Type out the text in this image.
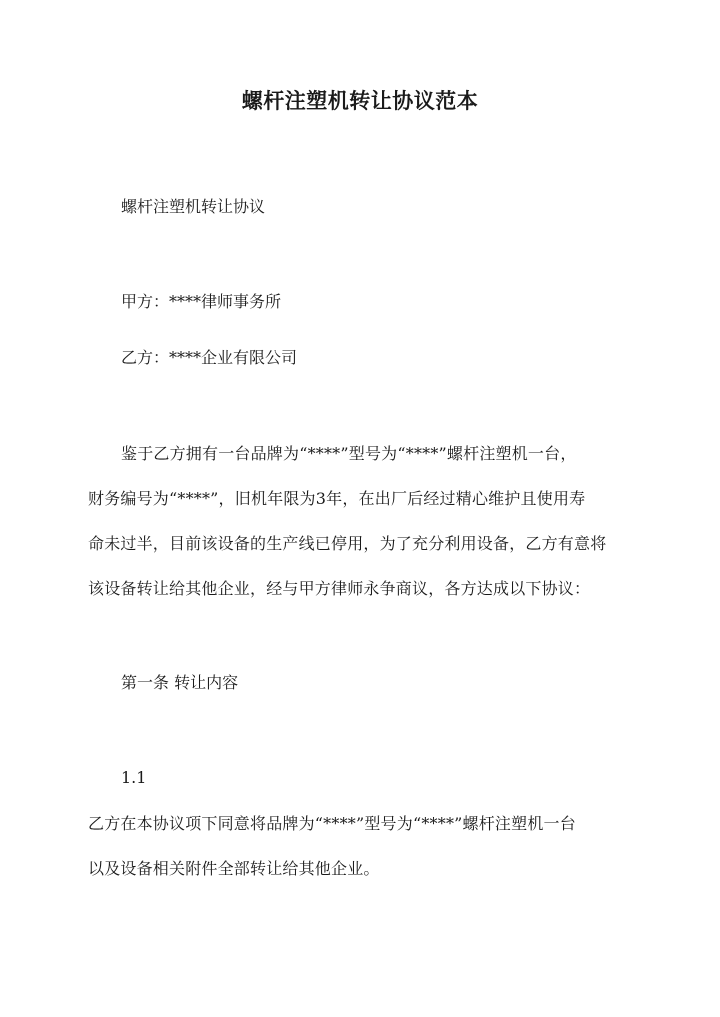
螺杆注塑机转让协议范本
螺杆注塑机转让协议
甲方：****律师事务所
乙方：****企业有限公司
鉴于乙方拥有一台品牌为“****”型号为“****”螺杆注塑机一台，
财务编号为“****”，旧机年限为3年，在出厂后经过精心维护且使用寿
命未过半，目前该设备的生产线已停用，为了充分利用设备，乙方有意将
该设备转让给其他企业，经与甲方律师永争商议，各方达成以下协议：
第一条 转让内容
1.1
乙方在本协议项下同意将品牌为“****”型号为“****”螺杆注塑机一台
以及设备相关附件全部转让给其他企业。
